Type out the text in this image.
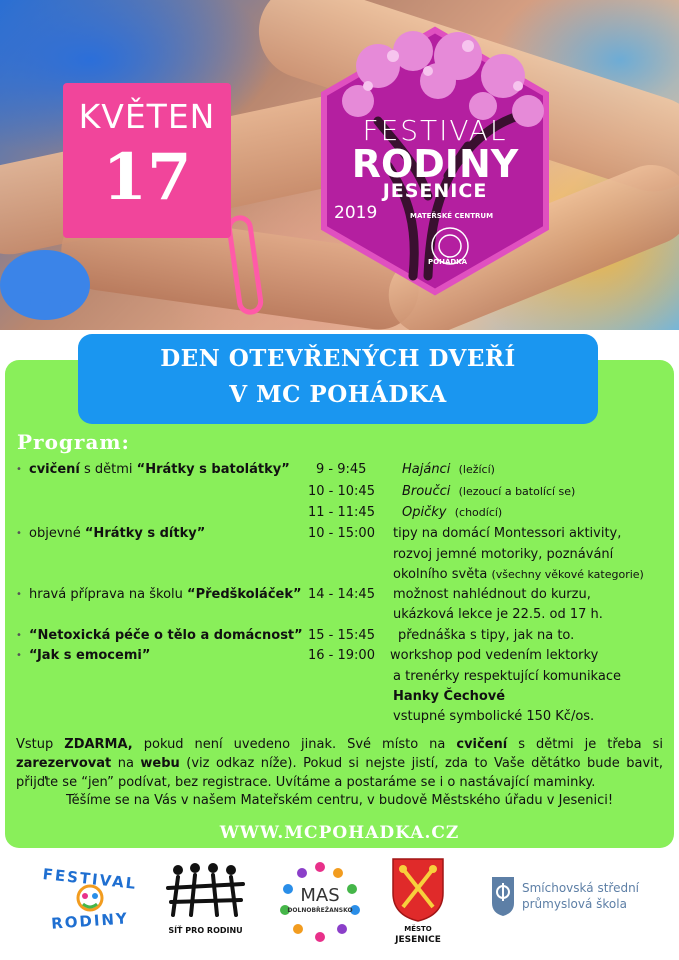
KVĚTEN
17
FESTIVAL
RODINY
JESENICE
2019	MATEŘSKÉ CENTRUM
POHÁDKA
DEN OTEVŘENÝCH DVEŘÍ
V MC POHÁDKA
Program:
• cvičení s dětmi “Hrátky s batolátky” 9 - 9:45	Hajánci (ležící)
10 - 10:45 Broučci (lezoucí a batolící se)
11 - 11:45 Opičky (chodící)
• objevné “Hrátky s dítky”	10 - 15:00 tipy na domácí Montessori aktivity,
rozvoj jemné motoriky, poznávání
okolního světa (všechny věkové kategorie)
• hravá příprava na školu “Předškoláček” 14 - 14:45 možnost nahlédnout do kurzu,
ukázková lekce je 22.5. od 17 h.
• “Netoxická péče o tělo a domácnost” 15 - 15:45 přednáška s tipy, jak na to.
• “Jak s emocemi”	16 - 19:00 workshop pod vedením lektorky
a trenérky respektující komunikace
Hanky Čechové
vstupné symbolické 150 Kč/os.
Vstup ZDARMA, pokud není uvedeno jinak. Své místo na cvičení s dětmi je třeba si zarezervovat na webu (viz odkaz níže). Pokud si nejste jistí, zda to Vaše dětátko bude bavit, přijďte se “jen” podívat, bez registrace. Uvítáme a postaráme se i o nastávající maminky.
Těšíme se na Vás v našem Mateřském centru, v budově Městského úřadu v Jesenici!
WWW.MCPOHADKA.CZ
FESTIVAL
RODINY	SÍŤ PRO RODINU
MAS
DOLNOBŘEŽANSKO
MĚSTO
JESENICE
Smíchovská střední
průmyslová škola
